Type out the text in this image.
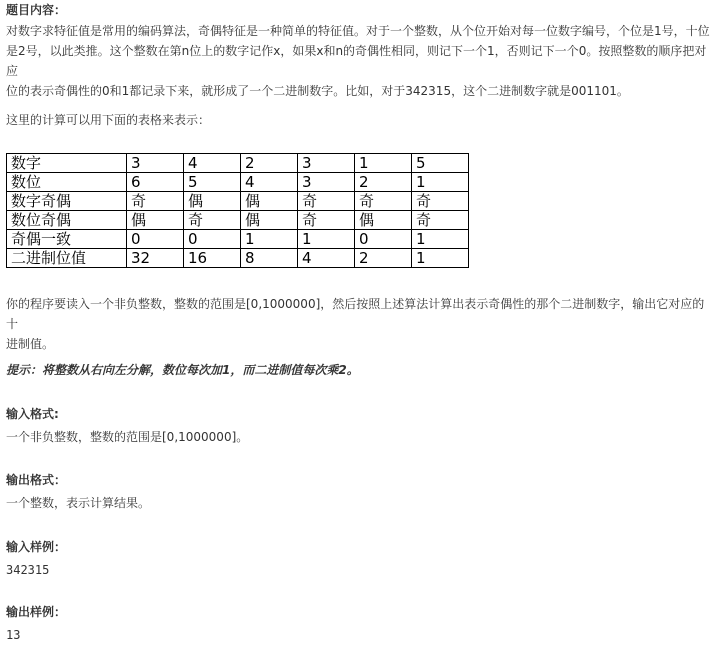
题目内容：
对数字求特征值是常用的编码算法，奇偶特征是一种简单的特征值。对于一个整数，从个位开始对每一位数字编号，个位是1号，十位
是2号，以此类推。这个整数在第n位上的数字记作x，如果x和n的奇偶性相同，则记下一个1，否则记下一个0。按照整数的顺序把对应
位的表示奇偶性的0和1都记录下来，就形成了一个二进制数字。比如，对于342315，这个二进制数字就是001101。
这里的计算可以用下面的表格来表示：
数字	3	4	2	3	1	5
数位	6	5	4	3	2	1
数字奇偶	奇	偶	偶	奇	奇	奇
数位奇偶	偶	奇	偶	奇	偶	奇
奇偶一致	0	0	1	1	0	1
二进制位值	32	16	8	4	2	1
你的程序要读入一个非负整数，整数的范围是[0,1000000]，然后按照上述算法计算出表示奇偶性的那个二进制数字，输出它对应的十
进制值。
提示：将整数从右向左分解，数位每次加1，而二进制值每次乘2。
输入格式:
一个非负整数，整数的范围是[0,1000000]。
输出格式：
一个整数，表示计算结果。
输入样例：
342315
输出样例：
13
